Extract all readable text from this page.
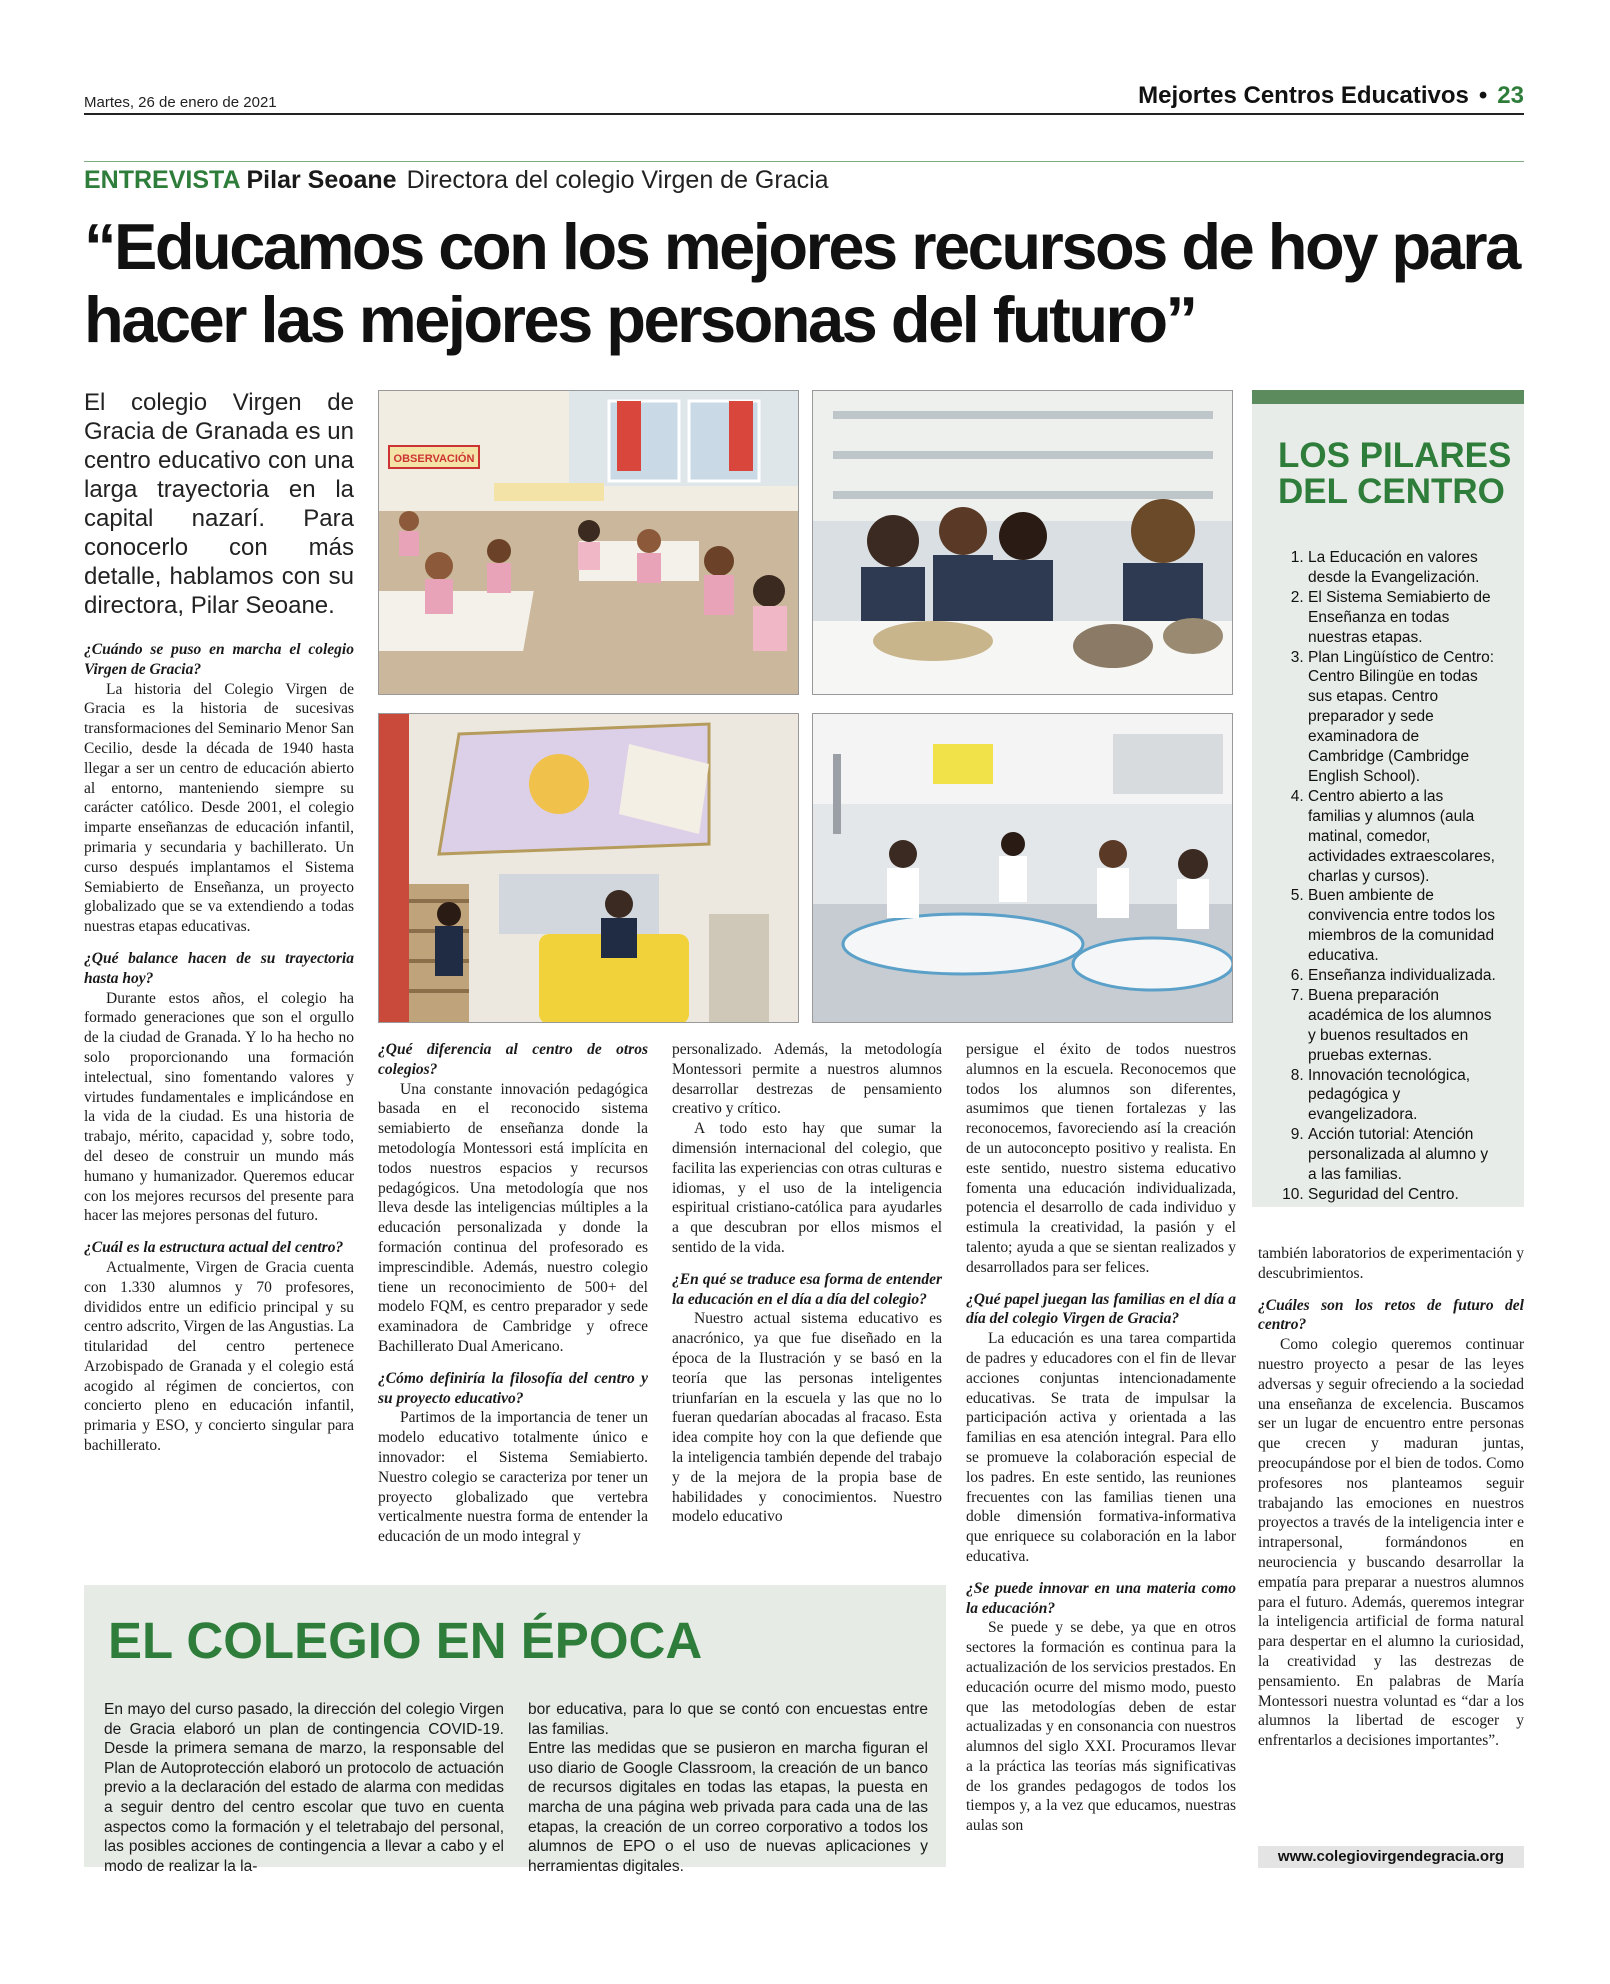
Martes, 26 de enero de 2021	Mejortes Centros Educativos • 23
ENTREVISTA Pilar Seoane Directora del colegio Virgen de Gracia
“Educamos con los mejores recursos de hoy para hacer las mejores personas del futuro”
El colegio Virgen de Gracia de Granada es un centro educativo con una larga trayectoria en la capital nazarí. Para conocerlo con más detalle, hablamos con su directora, Pilar Seoane.
OBSERVACIÓN
¿Cuándo se puso en marcha el colegio Virgen de Gracia?

La historia del Colegio Virgen de Gracia es la historia de sucesivas transformaciones del Seminario Menor San Cecilio, desde la década de 1940 hasta llegar a ser un centro de educación abierto al entorno, manteniendo siempre su carácter católico. Desde 2001, el colegio imparte enseñanzas de educación infantil, primaria y secundaria y bachillerato. Un curso después implantamos el Sistema Semiabierto de Enseñanza, un proyecto globalizado que se va extendiendo a todas nuestras etapas educativas.

¿Qué balance hacen de su trayectoria hasta hoy?

Durante estos años, el colegio ha formado generaciones que son el orgullo de la ciudad de Granada. Y lo ha hecho no solo proporcionando una formación intelectual, sino fomentando valores y virtudes fundamentales e implicándose en la vida de la ciudad. Es una historia de trabajo, mérito, capacidad y, sobre todo, del deseo de construir un mundo más humano y humanizador. Queremos educar con los mejores recursos del presente para hacer las mejores personas del futuro.

¿Cuál es la estructura actual del centro?

Actualmente, Virgen de Gracia cuenta con 1.330 alumnos y 70 profesores, divididos entre un edificio principal y su centro adscrito, Virgen de las Angustias. La titularidad del centro pertenece Arzobispado de Granada y el colegio está acogido al régimen de conciertos, con concierto pleno en educación infantil, primaria y ESO, y concierto singular para bachillerato.

¿Qué diferencia al centro de otros colegios?

Una constante innovación pedagógica basada en el reconocido sistema semiabierto de enseñanza donde la metodología Montessori está implícita en todos nuestros espacios y recursos pedagógicos. Una metodología que nos lleva desde las inteligencias múltiples a la educación personalizada y donde la formación continua del profesorado es imprescindible. Además, nuestro colegio tiene un reconocimiento de 500+ del modelo FQM, es centro preparador y sede examinadora de Cambridge y ofrece Bachillerato Dual Americano.

¿Cómo definiría la filosofía del centro y su proyecto educativo?

Partimos de la importancia de tener un modelo educativo totalmente único e innovador: el Sistema Semiabierto. Nuestro colegio se caracteriza por tener un proyecto globalizado que vertebra verticalmente nuestra forma de entender la educación de un modo integral y

personalizado. Además, la metodología Montessori permite a nuestros alumnos desarrollar destrezas de pensamiento creativo y crítico.

A todo esto hay que sumar la dimensión internacional del colegio, que facilita las experiencias con otras culturas e idiomas, y el uso de la inteligencia espiritual cristiano-católica para ayudarles a que descubran por ellos mismos el sentido de la vida.

¿En qué se traduce esa forma de entender la educación en el día a día del colegio?

Nuestro actual sistema educativo es anacrónico, ya que fue diseñado en la época de la Ilustración y se basó en la teoría que las personas inteligentes triunfarían en la escuela y las que no lo fueran quedarían abocadas al fracaso. Esta idea compite hoy con la que defiende que la inteligencia también depende del trabajo y de la mejora de la propia base de habilidades y conocimientos. Nuestro modelo educativo

persigue el éxito de todos nuestros alumnos en la escuela. Reconocemos que todos los alumnos son diferentes, asumimos que tienen fortalezas y las reconocemos, favoreciendo así la creación de un autoconcepto positivo y realista. En este sentido, nuestro sistema educativo fomenta una educación individualizada, potencia el desarrollo de cada individuo y estimula la creatividad, la pasión y el talento; ayuda a que se sientan realizados y desarrollados para ser felices.

¿Qué papel juegan las familias en el día a día del colegio Virgen de Gracia?

La educación es una tarea compartida de padres y educadores con el fin de llevar acciones conjuntas intencionadamente educativas. Se trata de impulsar la participación activa y orientada a las familias en esa atención integral. Para ello se promueve la colaboración especial de los padres. En este sentido, las reuniones frecuentes con las familias tienen una doble dimensión formativa-informativa que enriquece su colaboración en la labor educativa.

¿Se puede innovar en una materia como la educación?

Se puede y se debe, ya que en otros sectores la formación es continua para la actualización de los servicios prestados. En educación ocurre del mismo modo, puesto que las metodologías deben de estar actualizadas y en consonancia con nuestros alumnos del siglo XXI. Procuramos llevar a la práctica las teorías más significativas de los grandes pedagogos de todos los tiempos y, a la vez que educamos, nuestras aulas son

también laboratorios de experimentación y descubrimientos.

¿Cuáles son los retos de futuro del centro?

Como colegio queremos continuar nuestro proyecto a pesar de las leyes adversas y seguir ofreciendo a la sociedad una enseñanza de excelencia. Buscamos ser un lugar de encuentro entre personas que crecen y maduran juntas, preocupándose por el bien de todos. Como profesores nos planteamos seguir trabajando las emociones en nuestros proyectos a través de la inteligencia inter e intrapersonal, formándonos en neurociencia y buscando desarrollar la empatía para preparar a nuestros alumnos para el futuro. Además, queremos integrar la inteligencia artificial de forma natural para despertar en el alumno la curiosidad, la creatividad y las destrezas de pensamiento. En palabras de María Montessori nuestra voluntad es “dar a los alumnos la libertad de escoger y enfrentarlos a decisiones importantes”.

LOS PILARES DEL CENTRO
1. La Educación en valores desde la Evangelización.
2. El Sistema Semiabierto de Enseñanza en todas nuestras etapas.
3. Plan Lingüístico de Centro: Centro Bilingüe en todas sus etapas. Centro preparador y sede examinadora de Cambridge (Cambridge English School).
4. Centro abierto a las familias y alumnos (aula matinal, comedor, actividades extraescolares, charlas y cursos).
5. Buen ambiente de convivencia entre todos los miembros de la comunidad educativa.
6. Enseñanza individualizada.
7. Buena preparación académica de los alumnos y buenos resultados en pruebas externas.
8. Innovación tecnológica, pedagógica y evangelizadora.
9. Acción tutorial: Atención personalizada al alumno y a las familias.
10. Seguridad del Centro.
EL COLEGIO EN ÉPOCA
En mayo del curso pasado, la dirección del colegio Virgen de Gracia elaboró un plan de contingencia COVID-19. Desde la primera semana de marzo, la responsable del Plan de Autoprotección elaboró un protocolo de actuación previo a la declaración del estado de alarma con medidas a seguir dentro del centro escolar que tuvo en cuenta aspectos como la formación y el teletrabajo del personal, las posibles acciones de contingencia a llevar a cabo y el modo de realizar la la-
bor educativa, para lo que se contó con encuestas entre las familias.
Entre las medidas que se pusieron en marcha figuran el uso diario de Google Classroom, la creación de un banco de recursos digitales en todas las etapas, la puesta en marcha de una página web privada para cada una de las etapas, la creación de un correo corporativo a todos los alumnos de EPO o el uso de nuevas aplicaciones y herramientas digitales.
www.colegiovirgendegracia.org
